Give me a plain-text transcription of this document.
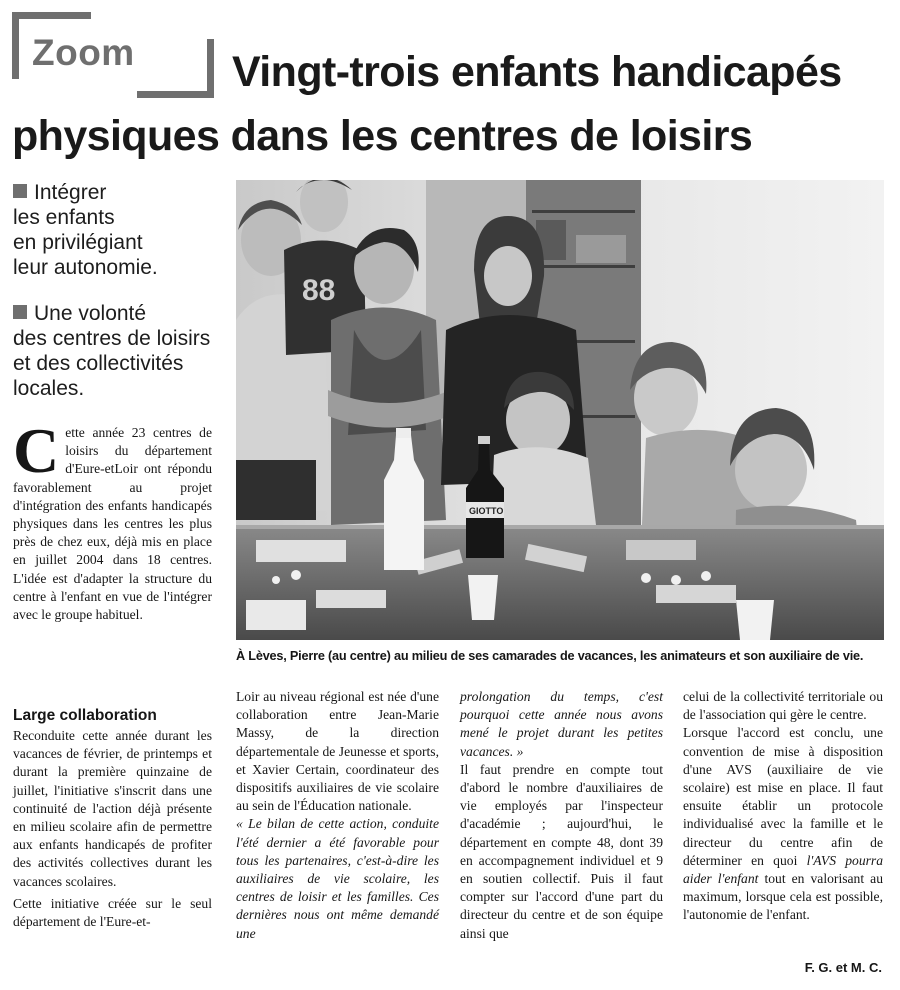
Zoom Vingt-trois enfants handicapés
physiques dans les centres de loisirs
Intégrer
les enfants
en privilégiant
leur autonomie.
Une volonté
des centres de loisirs
et des collectivités
locales.
C ette année 23 centres de loisirs du département d'Eure-etLoir ont répondu favorablement au projet d'intégration des enfants handicapés physiques dans les centres les plus près de chez eux, déjà mis en place en juillet 2004 dans 18 centres. L'idée est d'adapter la structure du centre à l'enfant en vue de l'intégrer avec le groupe habituel.

Large collaboration

Reconduite cette année durant les vacances de février, de printemps et durant la première quinzaine de juillet, l'initiative s'inscrit dans une continuité de l'action déjà présente en milieu scolaire afin de permettre aux enfants handicapés de profiter des activités collectives durant les vacances scolaires.

Cette initiative créée sur le seul département de l'Eure-et-

Loir au niveau régional est née d'une collaboration entre Jean-Marie Massy, de la direction départementale de Jeunesse et sports, et Xavier Certain, coordinateur des dispositifs auxiliaires de vie scolaire au sein de l'Éducation nationale.

« Le bilan de cette action, conduite l'été dernier a été favorable pour tous les partenaires, c'est-à-dire les auxiliaires de vie scolaire, les centres de loisir et les familles. Ces dernières nous ont même demandé une

prolongation du temps, c'est pourquoi cette année nous avons mené le projet durant les petites vacances. »

Il faut prendre en compte tout d'abord le nombre d'auxiliaires de vie employés par l'inspecteur d'académie ; aujourd'hui, le département en compte 48, dont 39 en accompagnement individuel et 9 en soutien collectif. Puis il faut compter sur l'accord d'une part du directeur du centre et de son équipe ainsi que

celui de la collectivité territoriale ou de l'association qui gère le centre.

Lorsque l'accord est conclu, une convention de mise à disposition d'une AVS (auxiliaire de vie scolaire) est mise en place. Il faut ensuite établir un protocole individualisé avec la famille et le directeur du centre afin de déterminer en quoi l'AVS pourra aider l'enfant tout en valorisant au maximum, lorsque cela est possible, l'autonomie de l'enfant.

F. G. et M. C.
88
GIOTTO
À Lèves, Pierre (au centre) au milieu de ses camarades de vacances, les animateurs et son auxiliaire de vie.
